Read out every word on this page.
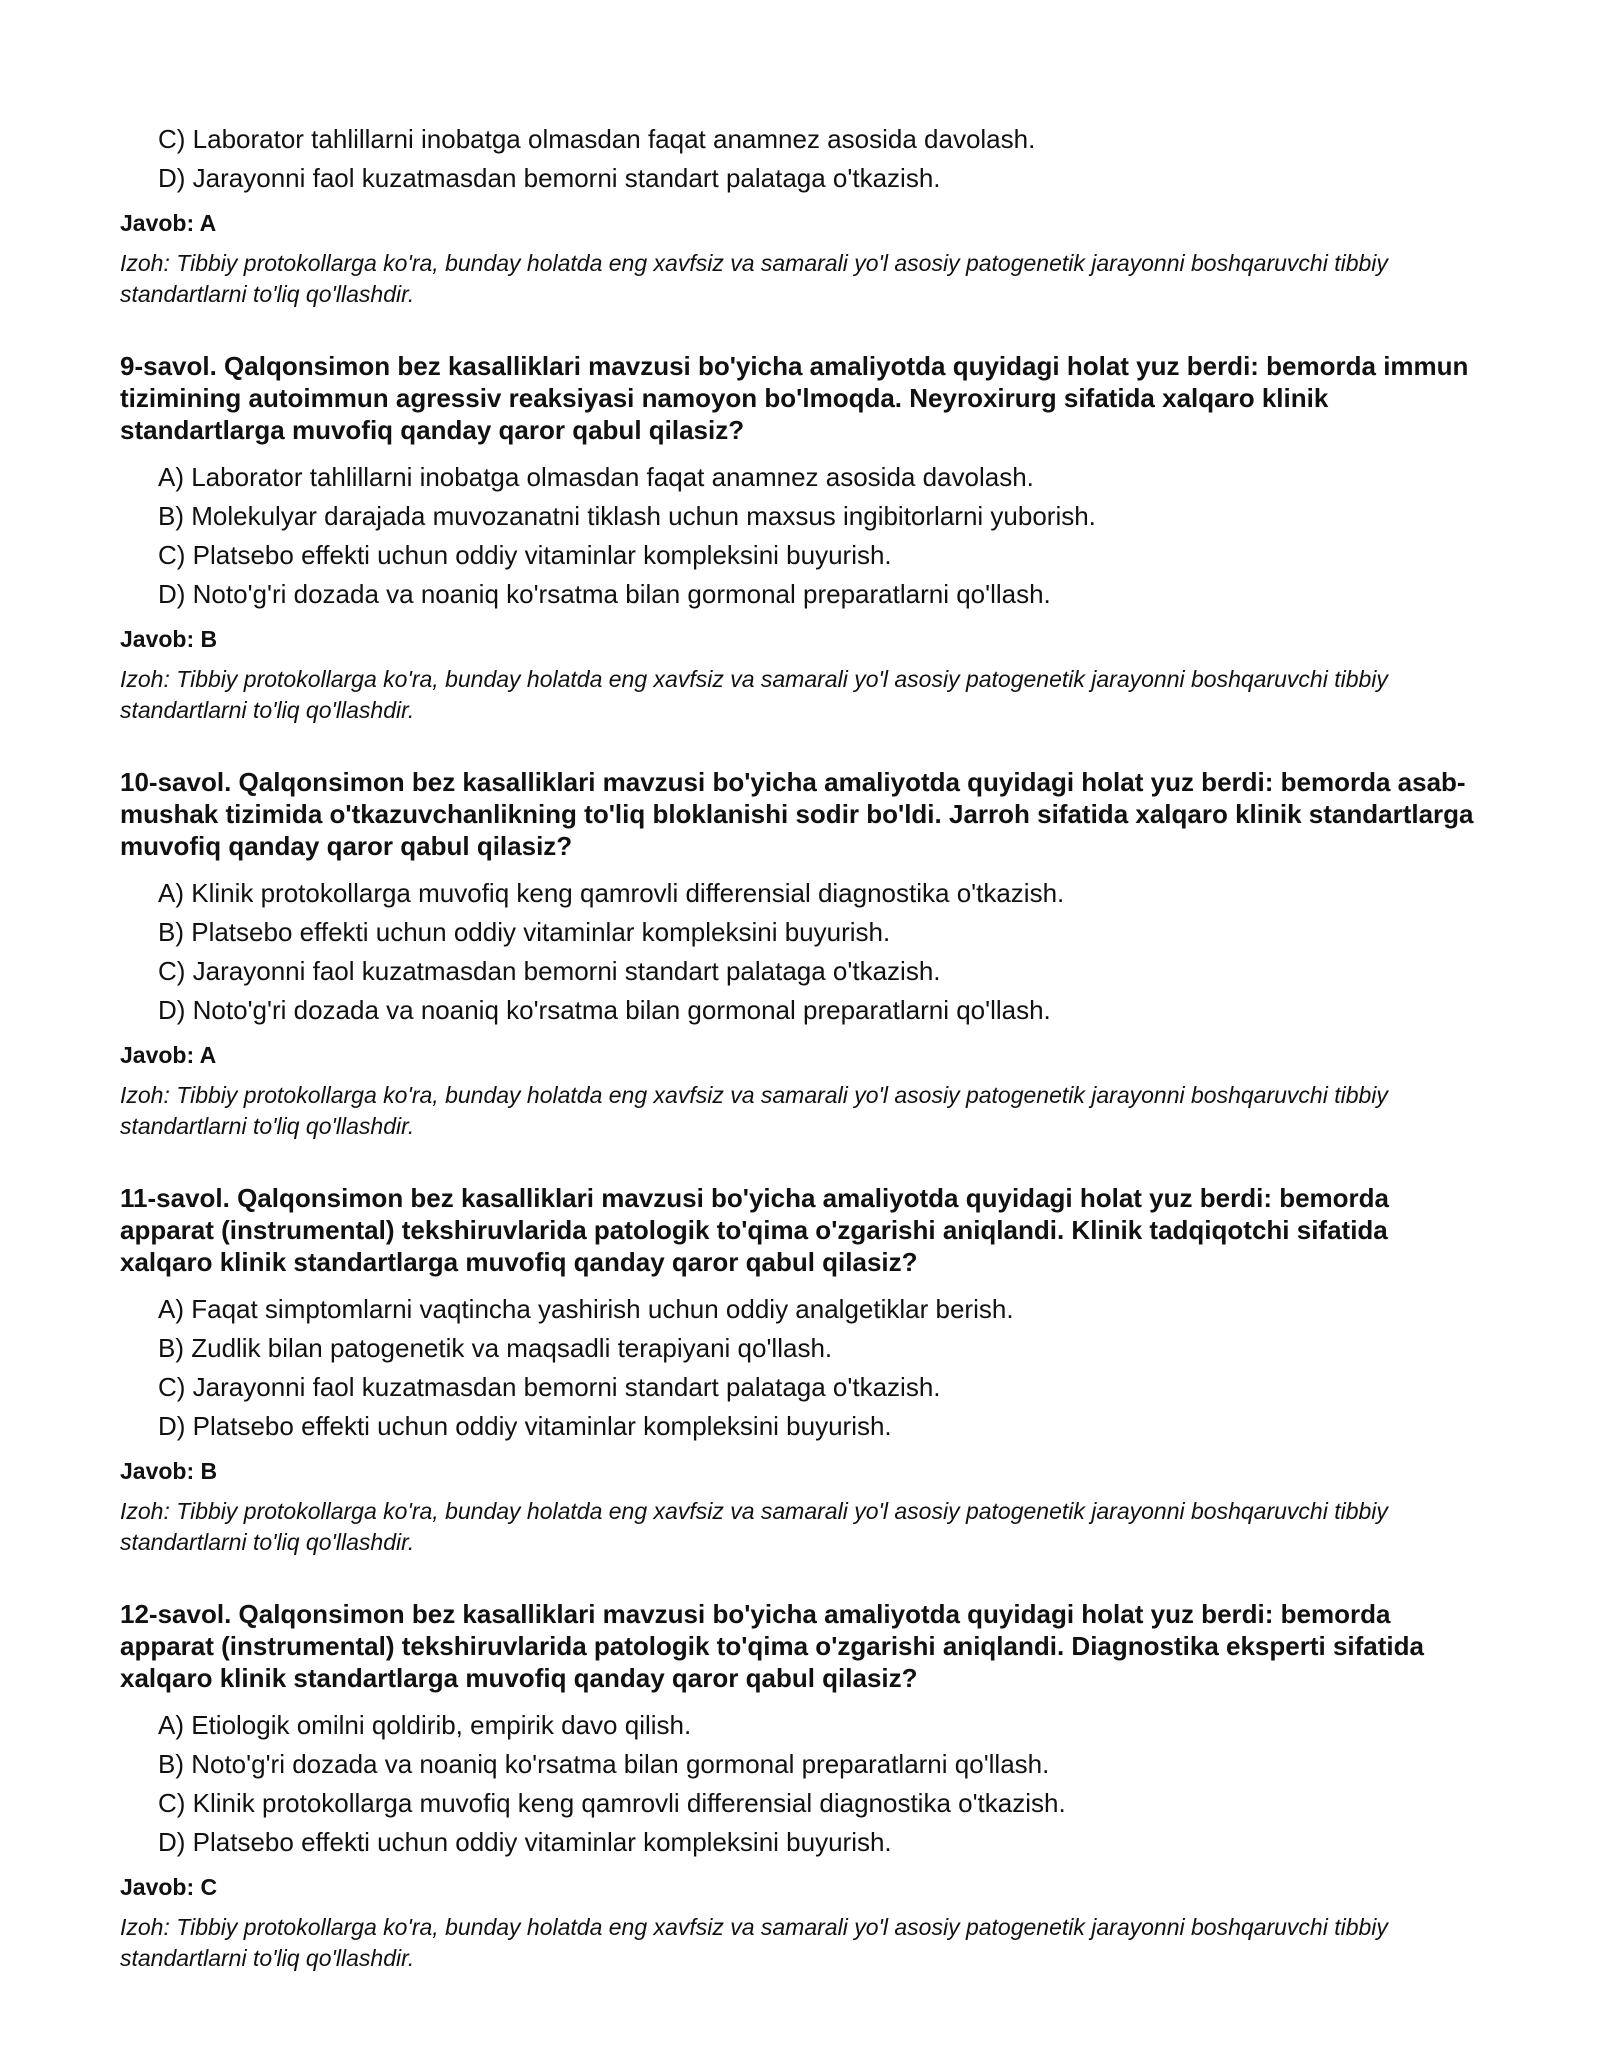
C) Laborator tahlillarni inobatga olmasdan faqat anamnez asosida davolash.
D) Jarayonni faol kuzatmasdan bemorni standart palataga o'tkazish.
Javob: A
Izoh: Tibbiy protokollarga ko'ra, bunday holatda eng xavfsiz va samarali yo'l asosiy patogenetik jarayonni boshqaruvchi tibbiy standartlarni to'liq qo'llashdir.

9-savol. Qalqonsimon bez kasalliklari mavzusi bo'yicha amaliyotda quyidagi holat yuz berdi: bemorda immun tizimining autoimmun agressiv reaksiyasi namoyon bo'lmoqda. Neyroxirurg sifatida xalqaro klinik standartlarga muvofiq qanday qaror qabul qilasiz?

A) Laborator tahlillarni inobatga olmasdan faqat anamnez asosida davolash.
B) Molekulyar darajada muvozanatni tiklash uchun maxsus ingibitorlarni yuborish.
C) Platsebo effekti uchun oddiy vitaminlar kompleksini buyurish.
D) Noto'g'ri dozada va noaniq ko'rsatma bilan gormonal preparatlarni qo'llash.
Javob: B
Izoh: Tibbiy protokollarga ko'ra, bunday holatda eng xavfsiz va samarali yo'l asosiy patogenetik jarayonni boshqaruvchi tibbiy standartlarni to'liq qo'llashdir.

10-savol. Qalqonsimon bez kasalliklari mavzusi bo'yicha amaliyotda quyidagi holat yuz berdi: bemorda asab-mushak tizimida o'tkazuvchanlikning to'liq bloklanishi sodir bo'ldi. Jarroh sifatida xalqaro klinik standartlarga muvofiq qanday qaror qabul qilasiz?

A) Klinik protokollarga muvofiq keng qamrovli differensial diagnostika o'tkazish.
B) Platsebo effekti uchun oddiy vitaminlar kompleksini buyurish.
C) Jarayonni faol kuzatmasdan bemorni standart palataga o'tkazish.
D) Noto'g'ri dozada va noaniq ko'rsatma bilan gormonal preparatlarni qo'llash.
Javob: A
Izoh: Tibbiy protokollarga ko'ra, bunday holatda eng xavfsiz va samarali yo'l asosiy patogenetik jarayonni boshqaruvchi tibbiy standartlarni to'liq qo'llashdir.

11-savol. Qalqonsimon bez kasalliklari mavzusi bo'yicha amaliyotda quyidagi holat yuz berdi: bemorda apparat (instrumental) tekshiruvlarida patologik to'qima o'zgarishi aniqlandi. Klinik tadqiqotchi sifatida xalqaro klinik standartlarga muvofiq qanday qaror qabul qilasiz?

A) Faqat simptomlarni vaqtincha yashirish uchun oddiy analgetiklar berish.
B) Zudlik bilan patogenetik va maqsadli terapiyani qo'llash.
C) Jarayonni faol kuzatmasdan bemorni standart palataga o'tkazish.
D) Platsebo effekti uchun oddiy vitaminlar kompleksini buyurish.
Javob: B
Izoh: Tibbiy protokollarga ko'ra, bunday holatda eng xavfsiz va samarali yo'l asosiy patogenetik jarayonni boshqaruvchi tibbiy standartlarni to'liq qo'llashdir.

12-savol. Qalqonsimon bez kasalliklari mavzusi bo'yicha amaliyotda quyidagi holat yuz berdi: bemorda apparat (instrumental) tekshiruvlarida patologik to'qima o'zgarishi aniqlandi. Diagnostika eksperti sifatida xalqaro klinik standartlarga muvofiq qanday qaror qabul qilasiz?

A) Etiologik omilni qoldirib, empirik davo qilish.
B) Noto'g'ri dozada va noaniq ko'rsatma bilan gormonal preparatlarni qo'llash.
C) Klinik protokollarga muvofiq keng qamrovli differensial diagnostika o'tkazish.
D) Platsebo effekti uchun oddiy vitaminlar kompleksini buyurish.
Javob: C
Izoh: Tibbiy protokollarga ko'ra, bunday holatda eng xavfsiz va samarali yo'l asosiy patogenetik jarayonni boshqaruvchi tibbiy standartlarni to'liq qo'llashdir.
